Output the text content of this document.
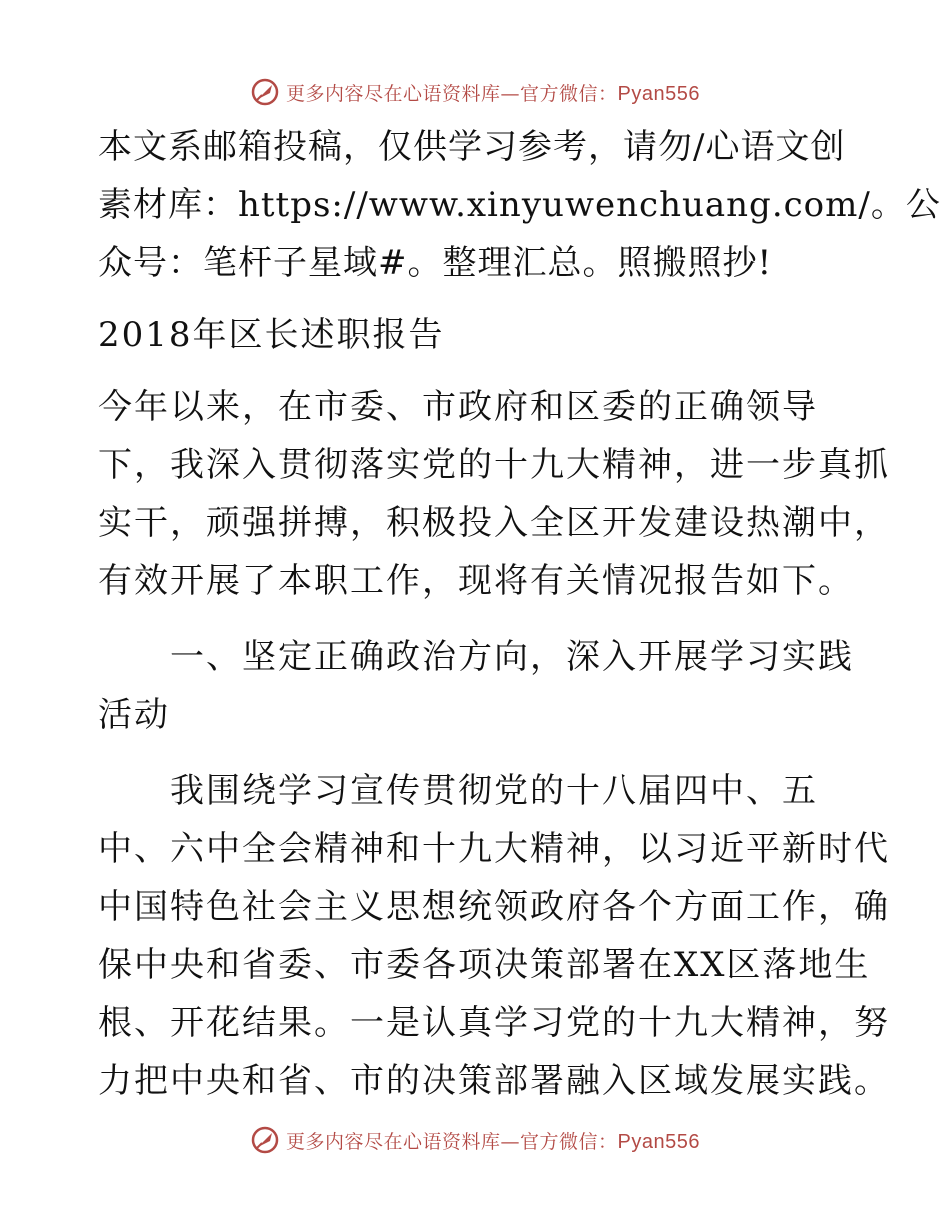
更多内容尽在心语资料库—官方微信：Pyan556
本文系邮箱投稿，仅供学习参考，请勿/心语文创
素材库：https://www.xinyuwenchuang.com/。公
众号：笔杆子星域#。整理汇总。照搬照抄!
2018年区长述职报告
今年以来，在市委、市政府和区委的正确领导
下，我深入贯彻落实党的十九大精神，进一步真抓
实干，顽强拼搏，积极投入全区开发建设热潮中，
有效开展了本职工作，现将有关情况报告如下。
　　一、坚定正确政治方向，深入开展学习实践
活动
　　我围绕学习宣传贯彻党的十八届四中、五
中、六中全会精神和十九大精神，以习近平新时代
中国特色社会主义思想统领政府各个方面工作，确
保中央和省委、市委各项决策部署在XX区落地生
根、开花结果。一是认真学习党的十九大精神，努
力把中央和省、市的决策部署融入区域发展实践。
更多内容尽在心语资料库—官方微信：Pyan556
